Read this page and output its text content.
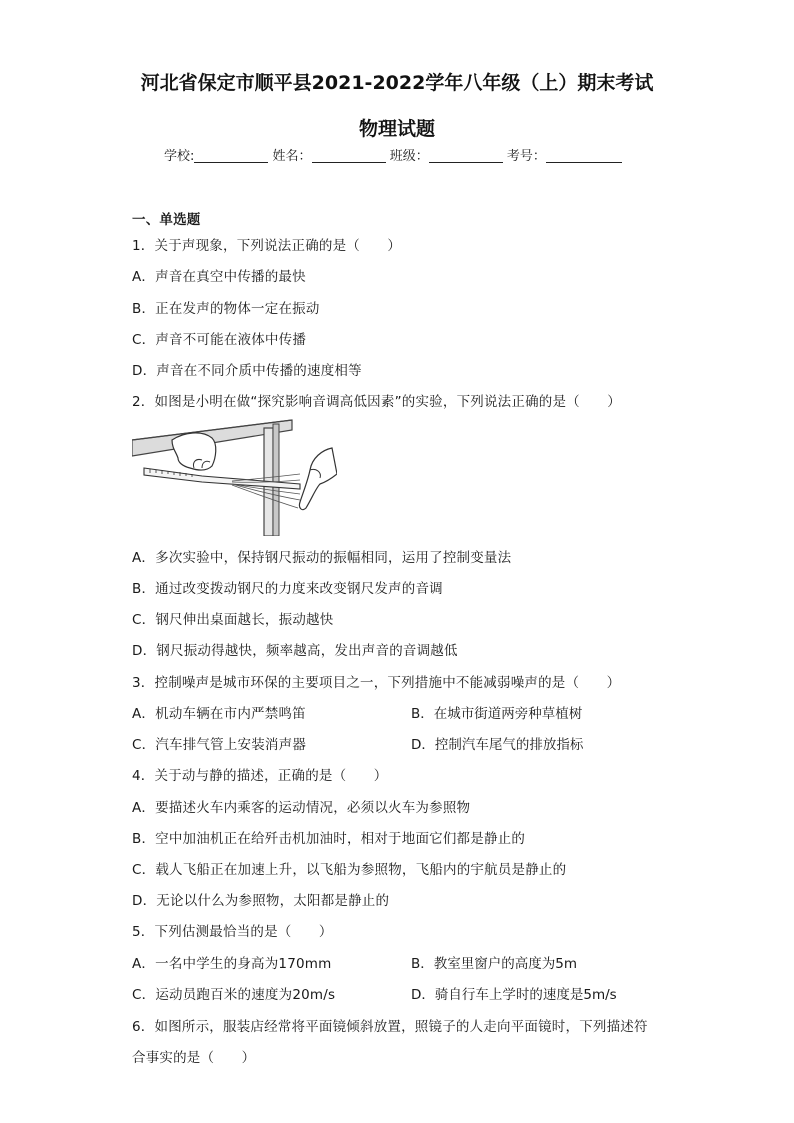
河北省保定市顺平县2021-2022学年八年级（上）期末考试
物理试题
学校:	姓名：	班级：	考号：
一、单选题
1．关于声现象，下列说法正确的是（　　）
A．声音在真空中传播的最快
B．正在发声的物体一定在振动
C．声音不可能在液体中传播
D．声音在不同介质中传播的速度相等
2．如图是小明在做“探究影响音调高低因素”的实验，下列说法正确的是（　　）
A．多次实验中，保持钢尺振动的振幅相同，运用了控制变量法
B．通过改变拨动钢尺的力度来改变钢尺发声的音调
C．钢尺伸出桌面越长，振动越快
D．钢尺振动得越快，频率越高，发出声音的音调越低
3．控制噪声是城市环保的主要项目之一，下列措施中不能减弱噪声的是（　　）
A．机动车辆在市内严禁鸣笛	B．在城市街道两旁种草植树
C．汽车排气管上安装消声器	D．控制汽车尾气的排放指标
4．关于动与静的描述，正确的是（　　）
A．要描述火车内乘客的运动情况，必须以火车为参照物
B．空中加油机正在给歼击机加油时，相对于地面它们都是静止的
C．载人飞船正在加速上升，以飞船为参照物，飞船内的宇航员是静止的
D．无论以什么为参照物，太阳都是静止的
5．下列估测最恰当的是（　　）
A．一名中学生的身高为170mm	B．教室里窗户的高度为5m
C．运动员跑百米的速度为20m/s	D．骑自行车上学时的速度是5m/s
6．如图所示，服装店经常将平面镜倾斜放置，照镜子的人走向平面镜时，下列描述符
合事实的是（　　）
